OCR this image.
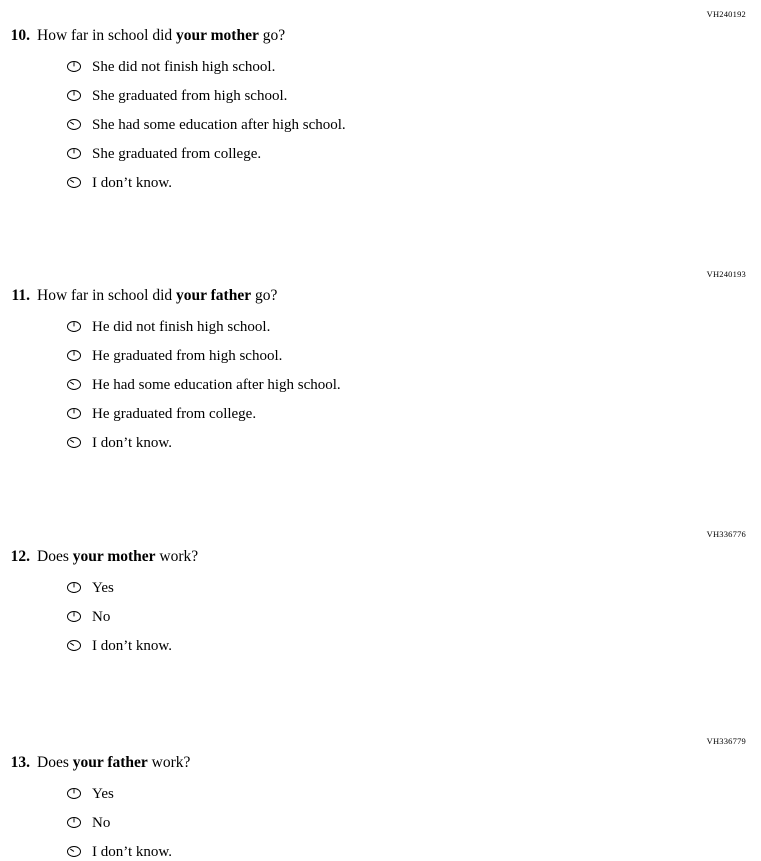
VH240192
10. How far in school did your mother go?
She did not finish high school.
She graduated from high school.
She had some education after high school.
She graduated from college.
I don’t know.
VH240193
11. How far in school did your father go?
He did not finish high school.
He graduated from high school.
He had some education after high school.
He graduated from college.
I don’t know.
VH336776
12. Does your mother work?
Yes
No
I don’t know.
VH336779
13. Does your father work?
Yes
No
I don’t know.
